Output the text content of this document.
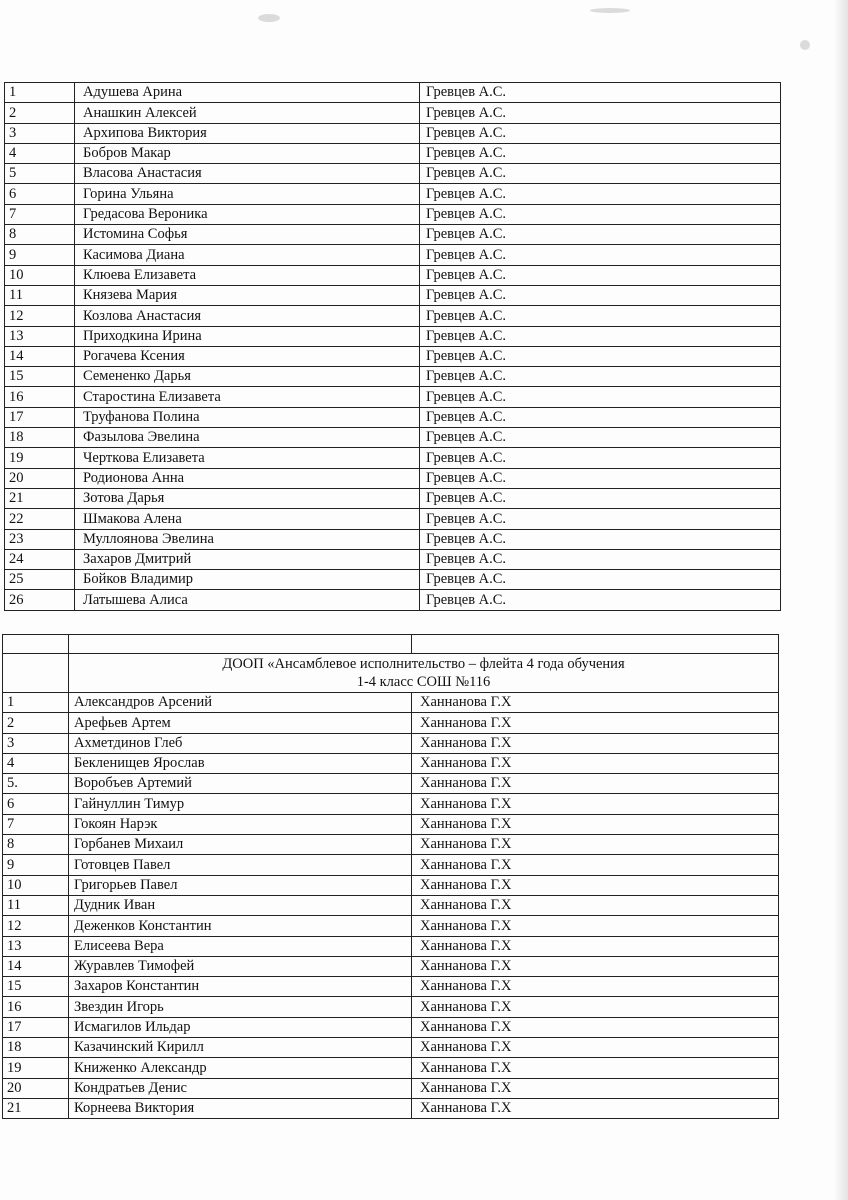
1	Адушева Арина	Гревцев А.С.
2	Анашкин Алексей	Гревцев А.С.
3	Архипова Виктория	Гревцев А.С.
4	Бобров Макар	Гревцев А.С.
5	Власова Анастасия	Гревцев А.С.
6	Горина Ульяна	Гревцев А.С.
7	Гредасова Вероника	Гревцев А.С.
8	Истомина Софья	Гревцев А.С.
9	Касимова Диана	Гревцев А.С.
10	Клюева Елизавета	Гревцев А.С.
11	Князева Мария	Гревцев А.С.
12	Козлова Анастасия	Гревцев А.С.
13	Приходкина Ирина	Гревцев А.С.
14	Рогачева Ксения	Гревцев А.С.
15	Семененко Дарья	Гревцев А.С.
16	Старостина Елизавета	Гревцев А.С.
17	Труфанова Полина	Гревцев А.С.
18	Фазылова Эвелина	Гревцев А.С.
19	Черткова Елизавета	Гревцев А.С.
20	Родионова Анна	Гревцев А.С.
21	Зотова Дарья	Гревцев А.С.
22	Шмакова Алена	Гревцев А.С.
23	Муллоянова Эвелина	Гревцев А.С.
24	Захаров Дмитрий	Гревцев А.С.
25	Бойков Владимир	Гревцев А.С.
26	Латышева Алиса	Гревцев А.С.

	ДООП «Ансамблевое исполнительство – флейта 4 года обучения
1-4 класс СОШ №116	

1	Александров Арсений	Ханнанова Г.Х
2	Арефьев Артем	Ханнанова Г.Х
3	Ахметдинов Глеб	Ханнанова Г.Х
4	Бекленищев Ярослав	Ханнанова Г.Х
5.	Воробъев Артемий	Ханнанова Г.Х
6	Гайнуллин Тимур	Ханнанова Г.Х
7	Гокоян Нарэк	Ханнанова Г.Х
8	Горбанев Михаил	Ханнанова Г.Х
9	Готовцев Павел	Ханнанова Г.Х
10	Григорьев Павел	Ханнанова Г.Х
11	Дудник Иван	Ханнанова Г.Х
12	Деженков Константин	Ханнанова Г.Х
13	Елисеева Вера	Ханнанова Г.Х
14	Журавлев Тимофей	Ханнанова Г.Х
15	Захаров Константин	Ханнанова Г.Х
16	Звездин Игорь	Ханнанова Г.Х
17	Исмагилов Ильдар	Ханнанова Г.Х
18	Казачинский Кирилл	Ханнанова Г.Х
19	Книженко Александр	Ханнанова Г.Х
20	Кондратьев Денис	Ханнанова Г.Х
21	Корнеева Виктория	Ханнанова Г.Х
